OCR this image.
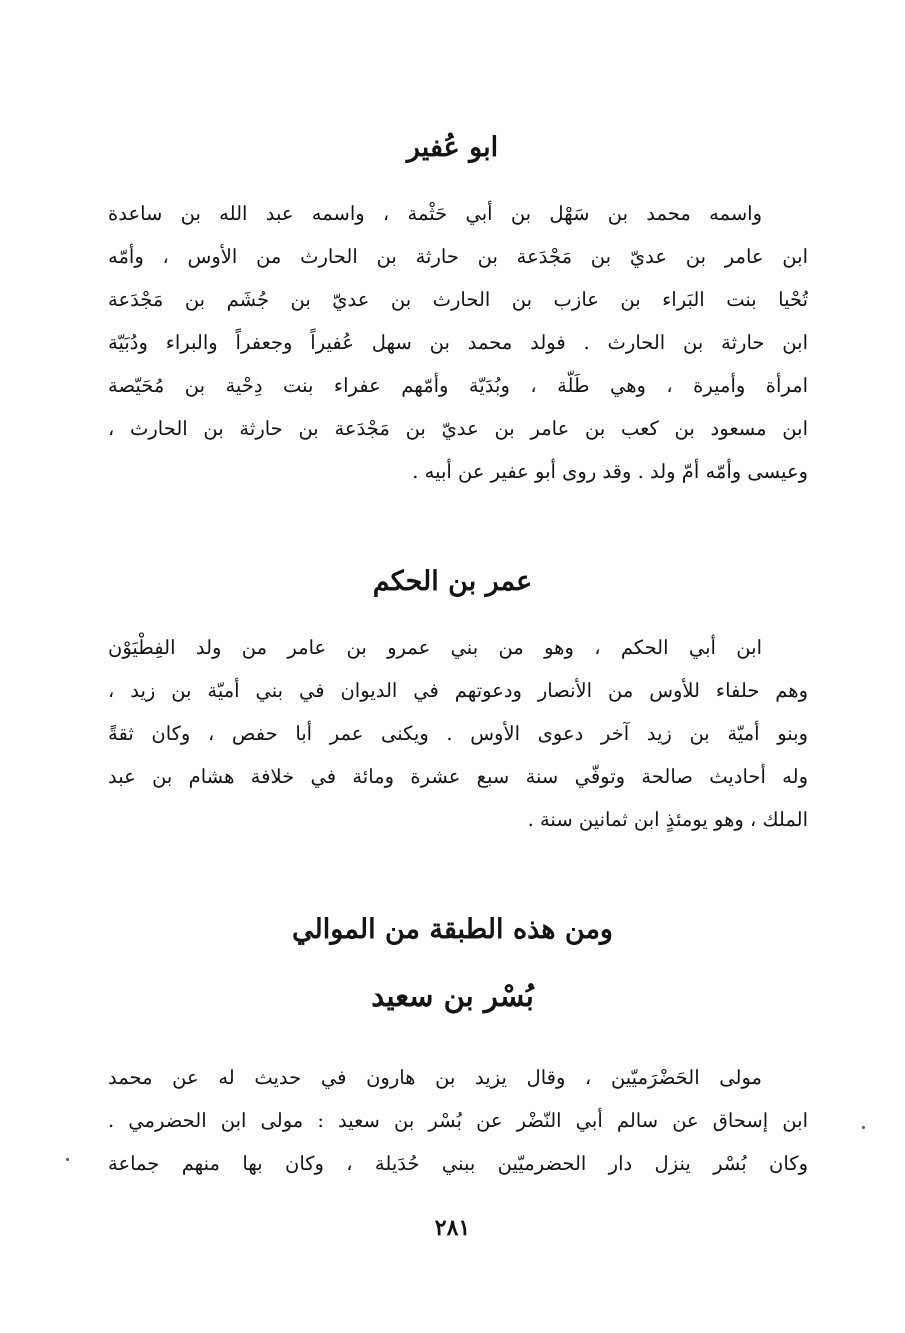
ابو عُفير
واسمه محمد بن سَهْل بن أبي حَثْمة ، واسمه عبد الله بن ساعدة
ابن عامر بن عديّ بن مَجْدَعة بن حارثة بن الحارث من الأوس ، وأمّه
تُحْيا بنت البَراء بن عازب بن الحارث بن عديّ بن جُشَم بن مَجْدَعة
ابن حارثة بن الحارث . فولد محمد بن سهل عُفيراً وجعفراً والبراء ودُبَيّة
امرأة وأميرة ، وهي طَلّة ، وبُدَيّة وأمّهم عفراء بنت دِحْية بن مُحَيّصة
ابن مسعود بن كعب بن عامر بن عديّ بن مَجْدَعة بن حارثة بن الحارث ،
وعيسى وأمّه أمّ ولد . وقد روى أبو عفير عن أبيه .
عمر بن الحكم
ابن أبي الحكم ، وهو من بني عمرو بن عامر من ولد الفِطْيَوْن
وهم حلفاء للأوس من الأنصار ودعوتهم في الديوان في بني أميّة بن زيد ،
وبنو أميّة بن زيد آخر دعوى الأوس . ويكنى عمر أبا حفص ، وكان ثقةً
وله أحاديث صالحة وتوفّي سنة سبع عشرة ومائة في خلافة هشام بن عبد
الملك ، وهو يومئذٍ ابن ثمانين سنة .
ومن هذه الطبقة من الموالي
بُسْر بن سعيد
مولى الحَضْرَميّين ، وقال يزيد بن هارون في حديث له عن محمد
ابن إسحاق عن سالم أبي النّضْر عن بُسْر بن سعيد : مولى ابن الحضرمي .
وكان بُسْر ينزل دار الحضرميّين ببني حُدَيلة ، وكان بها منهم جماعة
٢٨١
